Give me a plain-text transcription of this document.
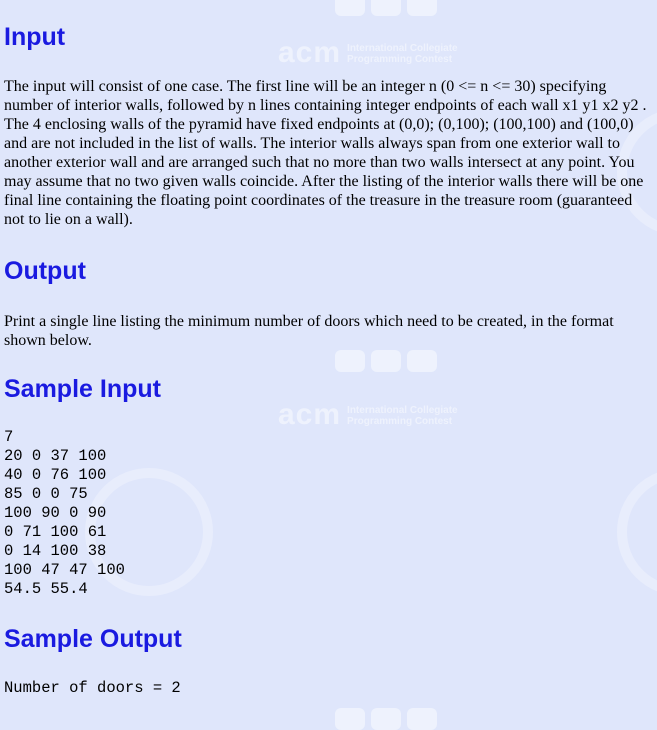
acm International Collegiate Programming Contest
acm International Collegiate Programming Contest
Input

The input will consist of one case. The first line will be an integer n (0 <= n <= 30) specifying number of interior walls, followed by n lines containing integer endpoints of each wall x1 y1 x2 y2 . The 4 enclosing walls of the pyramid have fixed endpoints at (0,0); (0,100); (100,100) and (100,0) and are not included in the list of walls. The interior walls always span from one exterior wall to another exterior wall and are arranged such that no more than two walls intersect at any point. You may assume that no two given walls coincide. After the listing of the interior walls there will be one final line containing the floating point coordinates of the treasure in the treasure room (guaranteed not to lie on a wall).

Output

Print a single line listing the minimum number of doors which need to be created, in the format shown below.

Sample Input
7
20 0 37 100
40 0 76 100
85 0 0 75
100 90 0 90
0 71 100 61
0 14 100 38
100 47 47 100
54.5 55.4
Sample Output
Number of doors = 2
